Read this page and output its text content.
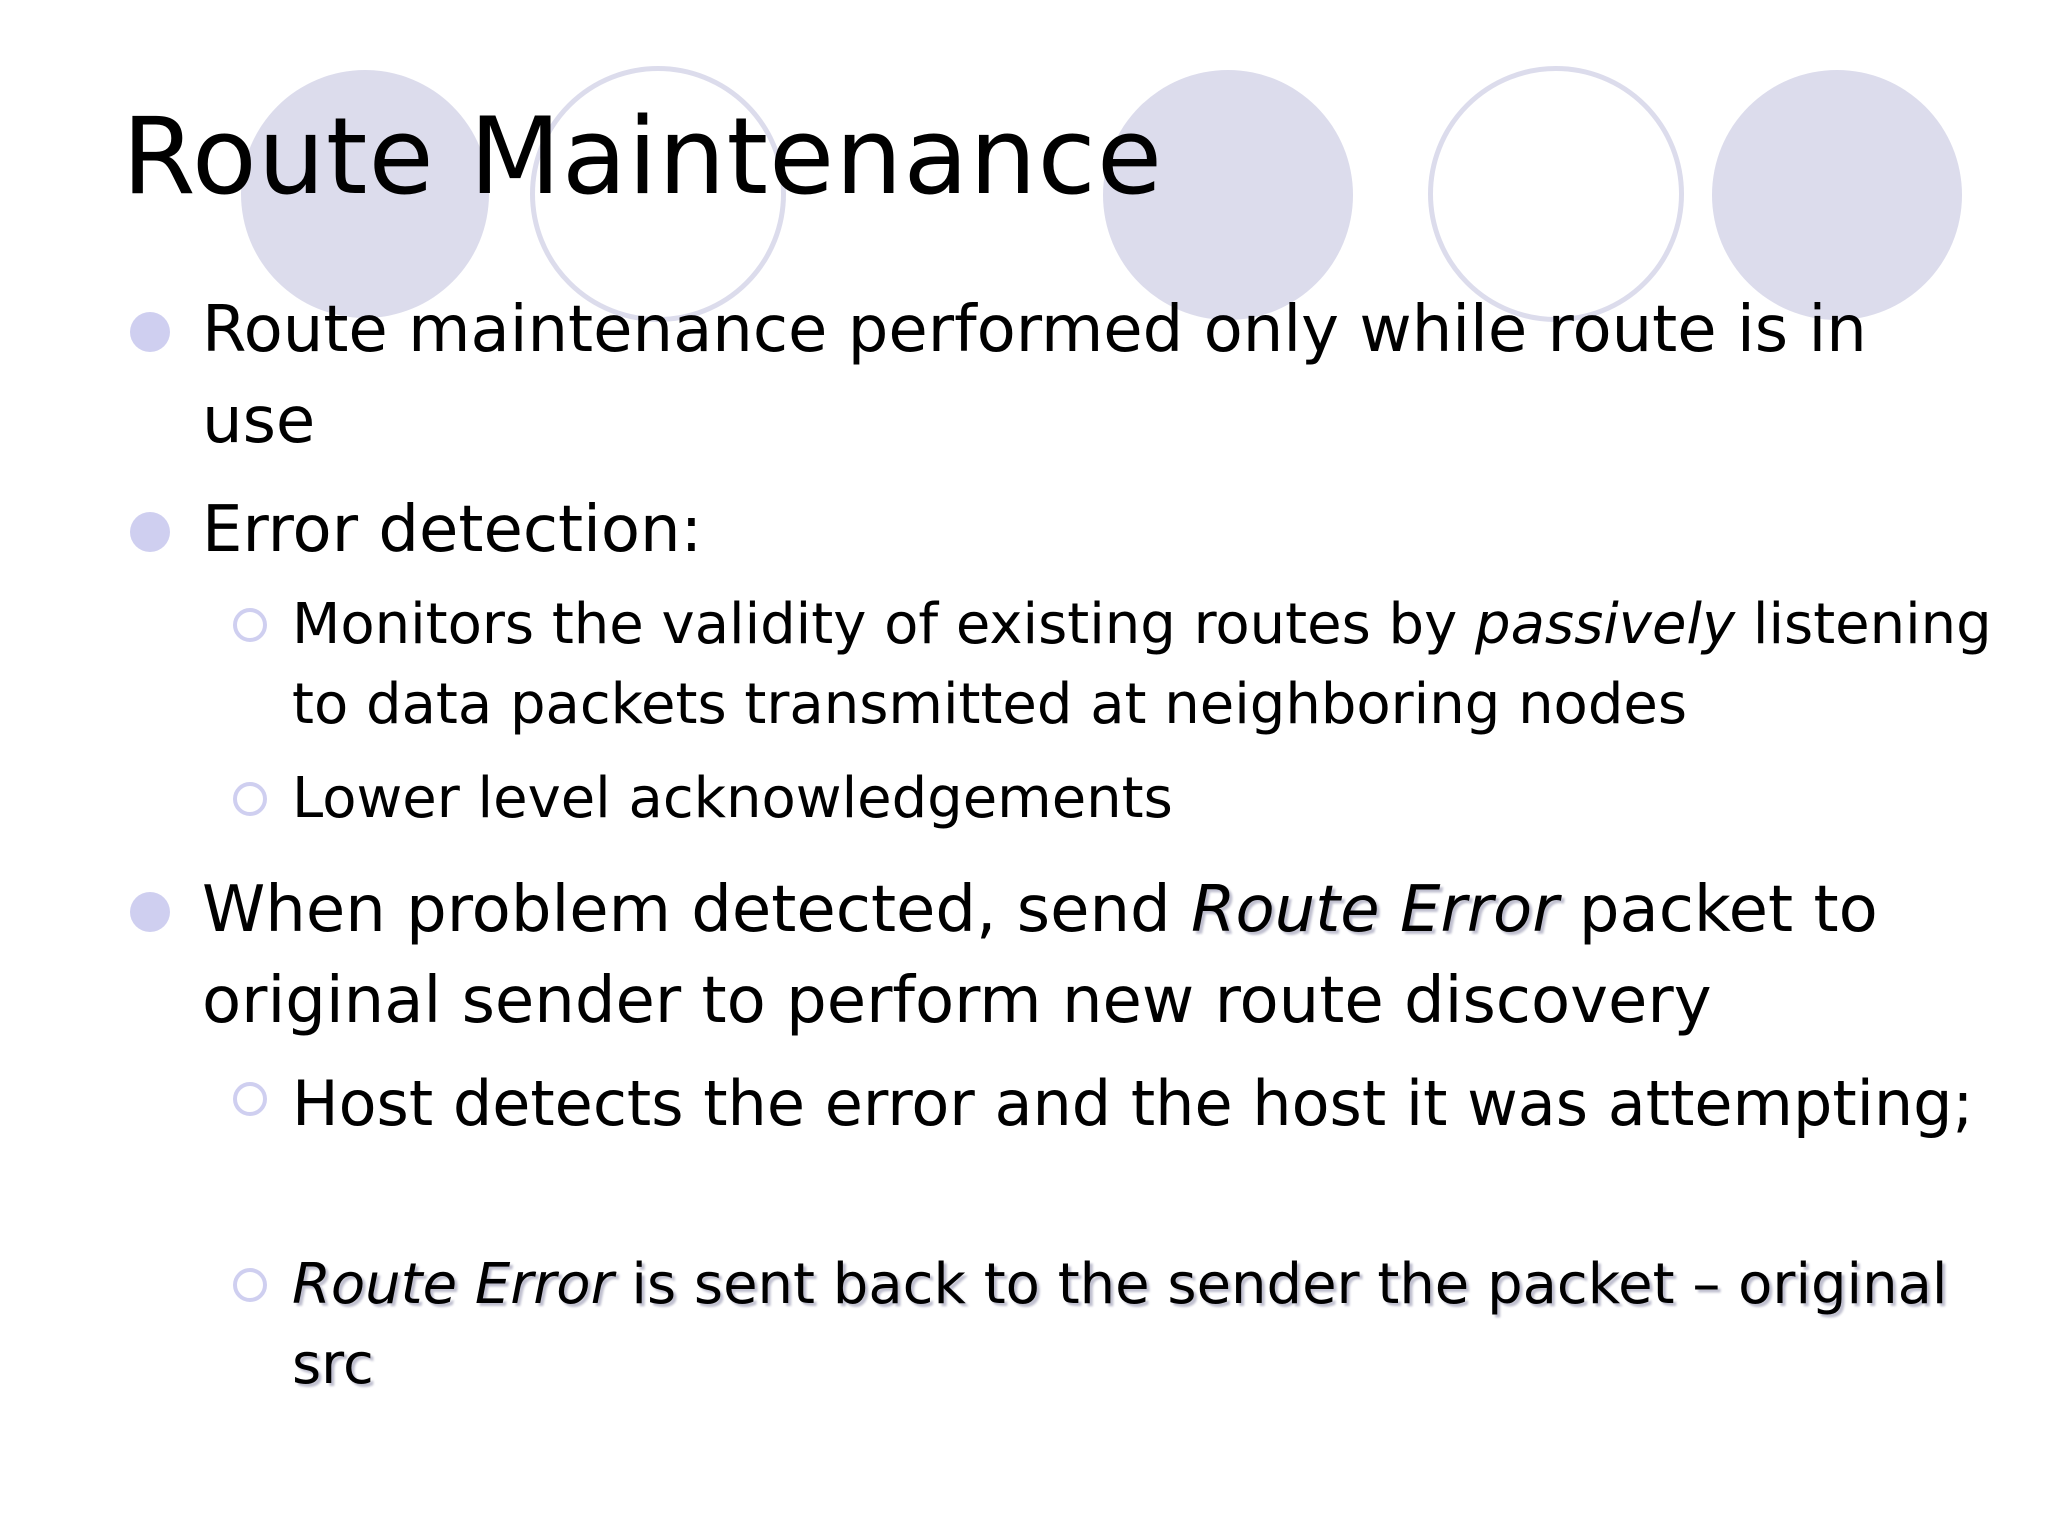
Route Maintenance
Route maintenance performed only while route is in use
Error detection:
Monitors the validity of existing routes by passively listening to data packets transmitted at neighboring nodes
Lower level acknowledgements
When problem detected, send Route Error packet to original sender to perform new route discovery
Host detects the error and the host it was attempting;
Route Error is sent back to the sender the packet – original src
